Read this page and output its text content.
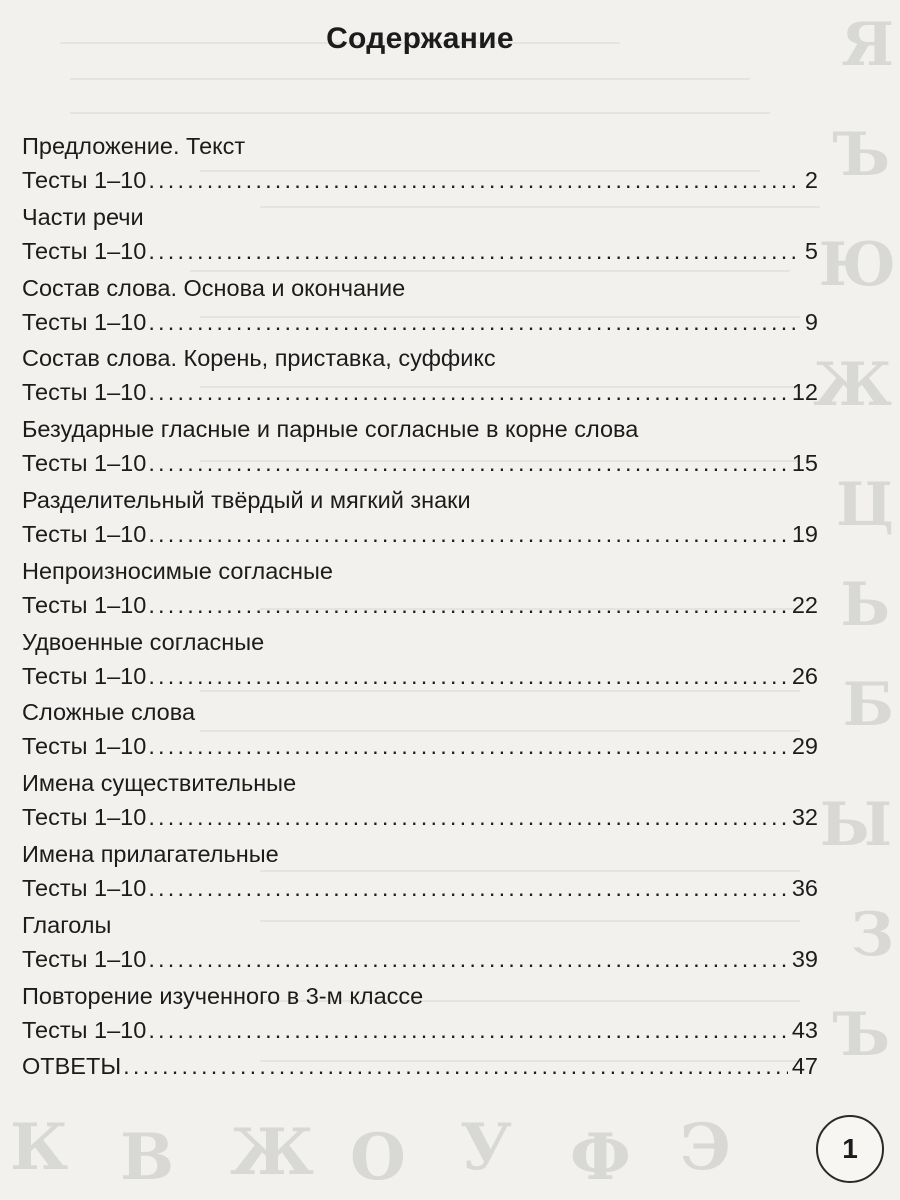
Я
Ъ
Ю
Ж
Ц
Ь
Б
Ы
З
Ъ
К В Ж О У Ф Э
Содержание
Предложение. Текст
Тесты 1–10 .....	2
Части речи
Тесты 1–10 .....	5
Состав слова. Основа и окончание
Тесты 1–10 .....	9
Состав слова. Корень, приставка, суффикс
Тесты 1–10 .....	12
Безударные гласные и парные согласные в корне слова
Тесты 1–10 .....	15
Разделительный твёрдый и мягкий знаки
Тесты 1–10 .....	19
Непроизносимые согласные
Тесты 1–10 .....	22
Удвоенные согласные
Тесты 1–10 .....	26
Сложные слова
Тесты 1–10 .....	29
Имена существительные
Тесты 1–10 .....	32
Имена прилагательные
Тесты 1–10 .....	36
Глаголы
Тесты 1–10 .....	39
Повторение изученного в 3-м классе
Тесты 1–10 .....	43
ОТВЕТЫ .....	47
1
